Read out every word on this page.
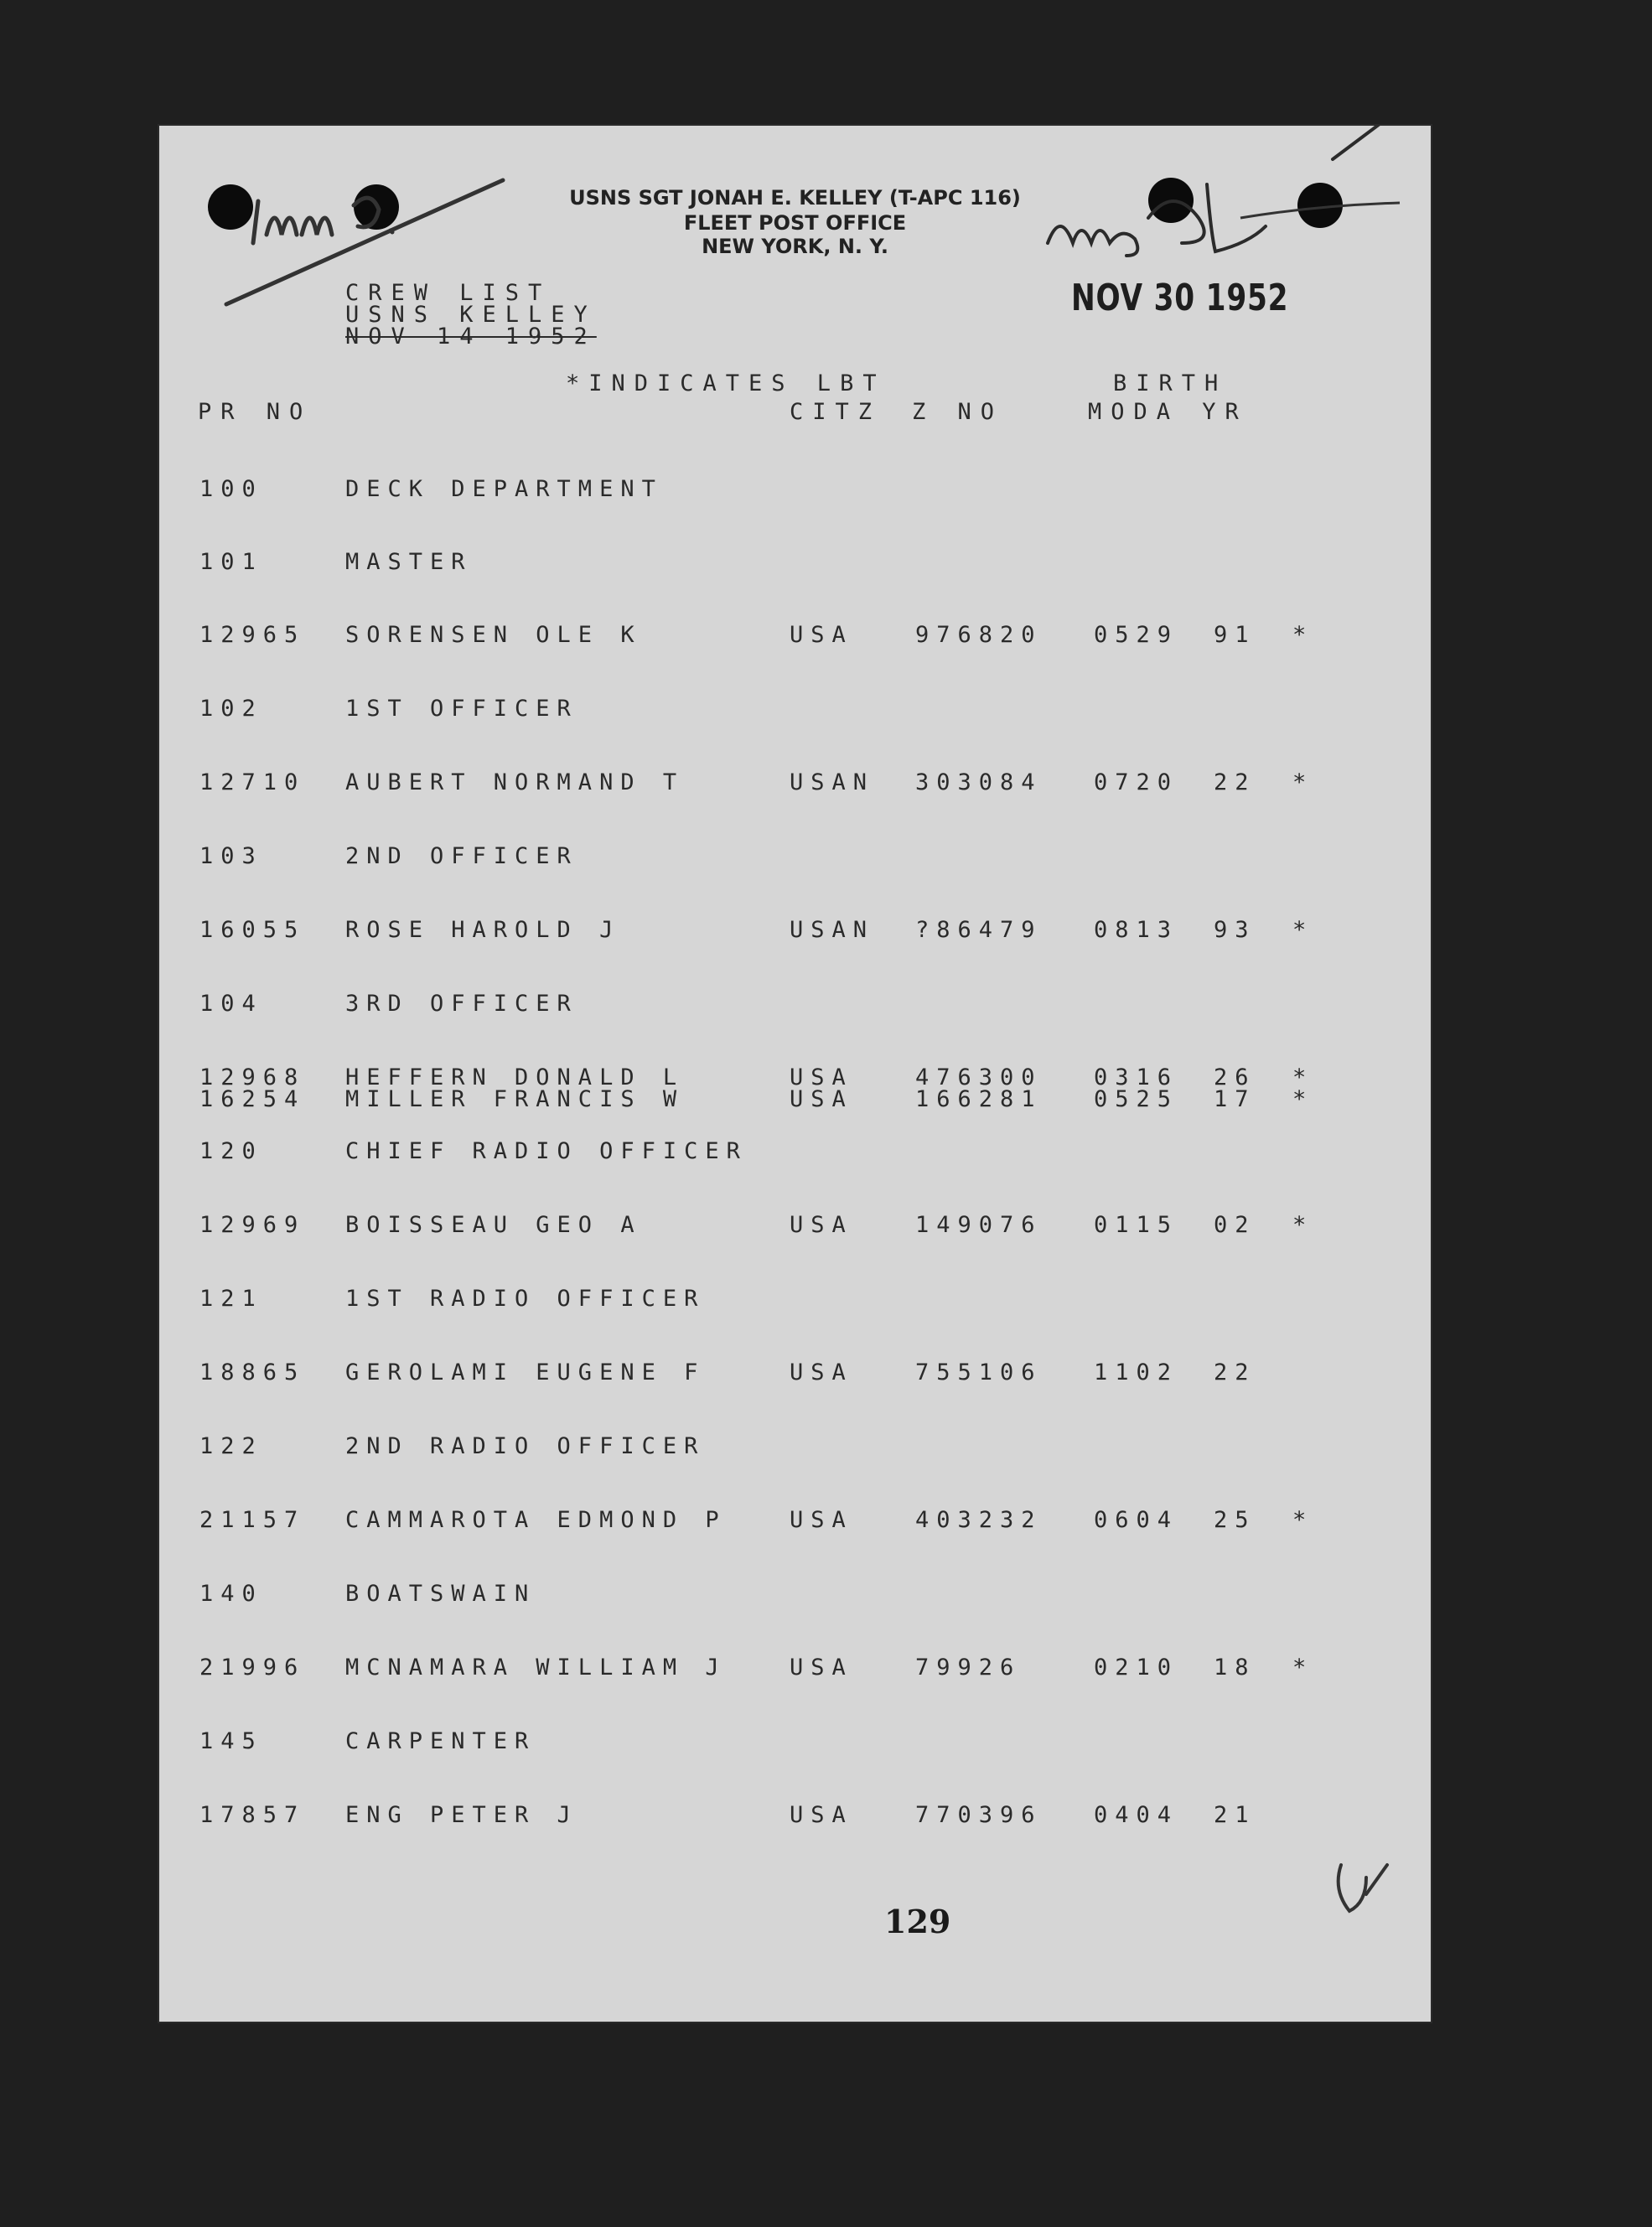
USNS SGT JONAH E. KELLEY (T-APC 116)
FLEET POST OFFICE
NEW YORK, N. Y.
NOV 30 1952
CREW LIST
USNS KELLEY
NOV 14 1952
*INDICATES LBT	BIRTH
PR NO	CITZ Z NO	MODA YR
100	DECK DEPARTMENT
101	MASTER
12965 SORENSEN OLE K	USA	976820 0529 91 *
102	1ST OFFICER
12710 AUBERT NORMAND T	USAN 303084 0720 22 *
103	2ND OFFICER
16055 ROSE HAROLD J	USAN ?86479 0813 93 *
104	3RD OFFICER
12968 HEFFERN DONALD L	USA	476300 0316 26 *
16254 MILLER FRANCIS W	USA	166281 0525 17 *
120	CHIEF RADIO OFFICER
12969 BOISSEAU GEO A	USA	149076 0115 02 *
121	1ST RADIO OFFICER
18865 GEROLAMI EUGENE F	USA	755106 1102 22
122	2ND RADIO OFFICER
21157 CAMMAROTA EDMOND P	USA	403232 0604 25 *
140	BOATSWAIN
21996 MCNAMARA WILLIAM J	USA	79926	0210 18 *
145	CARPENTER
17857 ENG PETER J	USA	770396 0404 21
129
